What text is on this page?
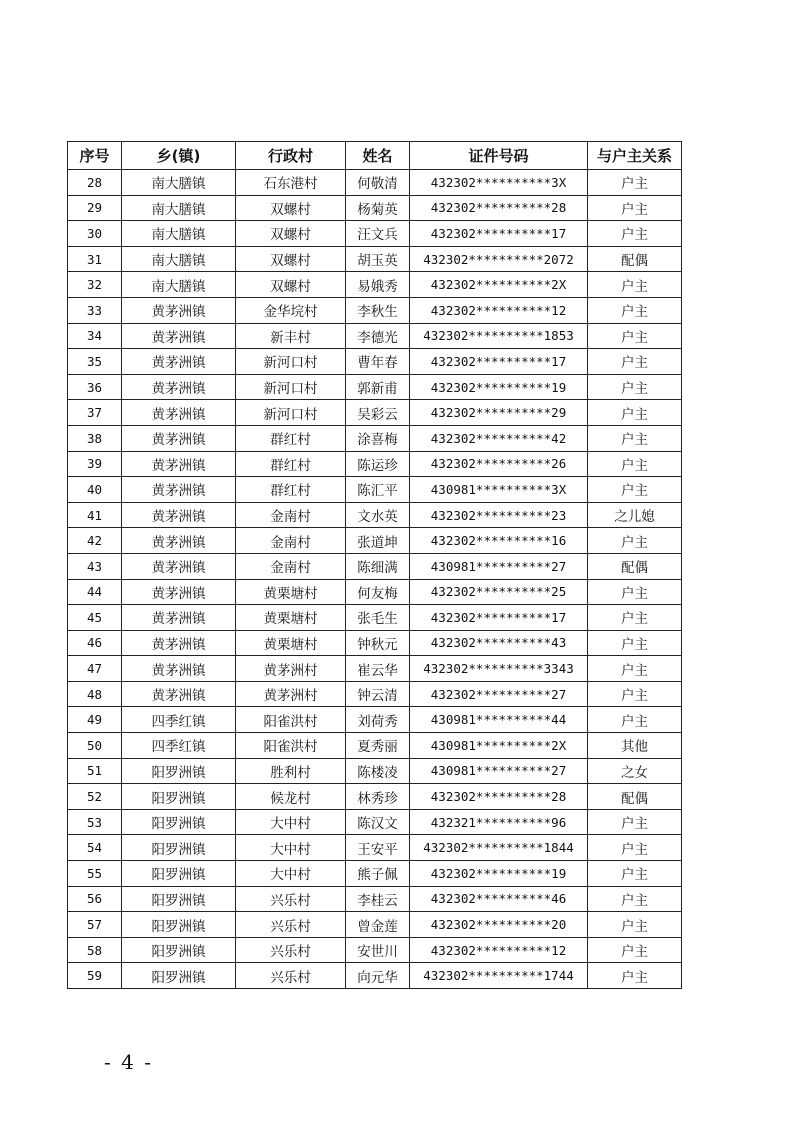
序号	乡(镇)	行政村	姓名	证件号码	与户主关系
28	南大膳镇	石东港村	何敬清	432302**********3X	户主
29	南大膳镇	双螺村	杨菊英	432302**********28	户主
30	南大膳镇	双螺村	汪文兵	432302**********17	户主
31	南大膳镇	双螺村	胡玉英	432302**********2072	配偶
32	南大膳镇	双螺村	易娥秀	432302**********2X	户主
33	黄茅洲镇	金华垸村	李秋生	432302**********12	户主
34	黄茅洲镇	新丰村	李德光	432302**********1853	户主
35	黄茅洲镇	新河口村	曹年春	432302**********17	户主
36	黄茅洲镇	新河口村	郭新甫	432302**********19	户主
37	黄茅洲镇	新河口村	吴彩云	432302**********29	户主
38	黄茅洲镇	群红村	涂喜梅	432302**********42	户主
39	黄茅洲镇	群红村	陈运珍	432302**********26	户主
40	黄茅洲镇	群红村	陈汇平	430981**********3X	户主
41	黄茅洲镇	金南村	文水英	432302**********23	之儿媳
42	黄茅洲镇	金南村	张道坤	432302**********16	户主
43	黄茅洲镇	金南村	陈细满	430981**********27	配偶
44	黄茅洲镇	黄栗塘村	何友梅	432302**********25	户主
45	黄茅洲镇	黄栗塘村	张毛生	432302**********17	户主
46	黄茅洲镇	黄栗塘村	钟秋元	432302**********43	户主
47	黄茅洲镇	黄茅洲村	崔云华	432302**********3343	户主
48	黄茅洲镇	黄茅洲村	钟云清	432302**********27	户主
49	四季红镇	阳雀洪村	刘荷秀	430981**********44	户主
50	四季红镇	阳雀洪村	夏秀丽	430981**********2X	其他
51	阳罗洲镇	胜利村	陈楼凌	430981**********27	之女
52	阳罗洲镇	候龙村	林秀珍	432302**********28	配偶
53	阳罗洲镇	大中村	陈汉文	432321**********96	户主
54	阳罗洲镇	大中村	王安平	432302**********1844	户主
55	阳罗洲镇	大中村	熊子佩	432302**********19	户主
56	阳罗洲镇	兴乐村	李桂云	432302**********46	户主
57	阳罗洲镇	兴乐村	曾金莲	432302**********20	户主
58	阳罗洲镇	兴乐村	安世川	432302**********12	户主
59	阳罗洲镇	兴乐村	向元华	432302**********1744	户主
- 4 -
